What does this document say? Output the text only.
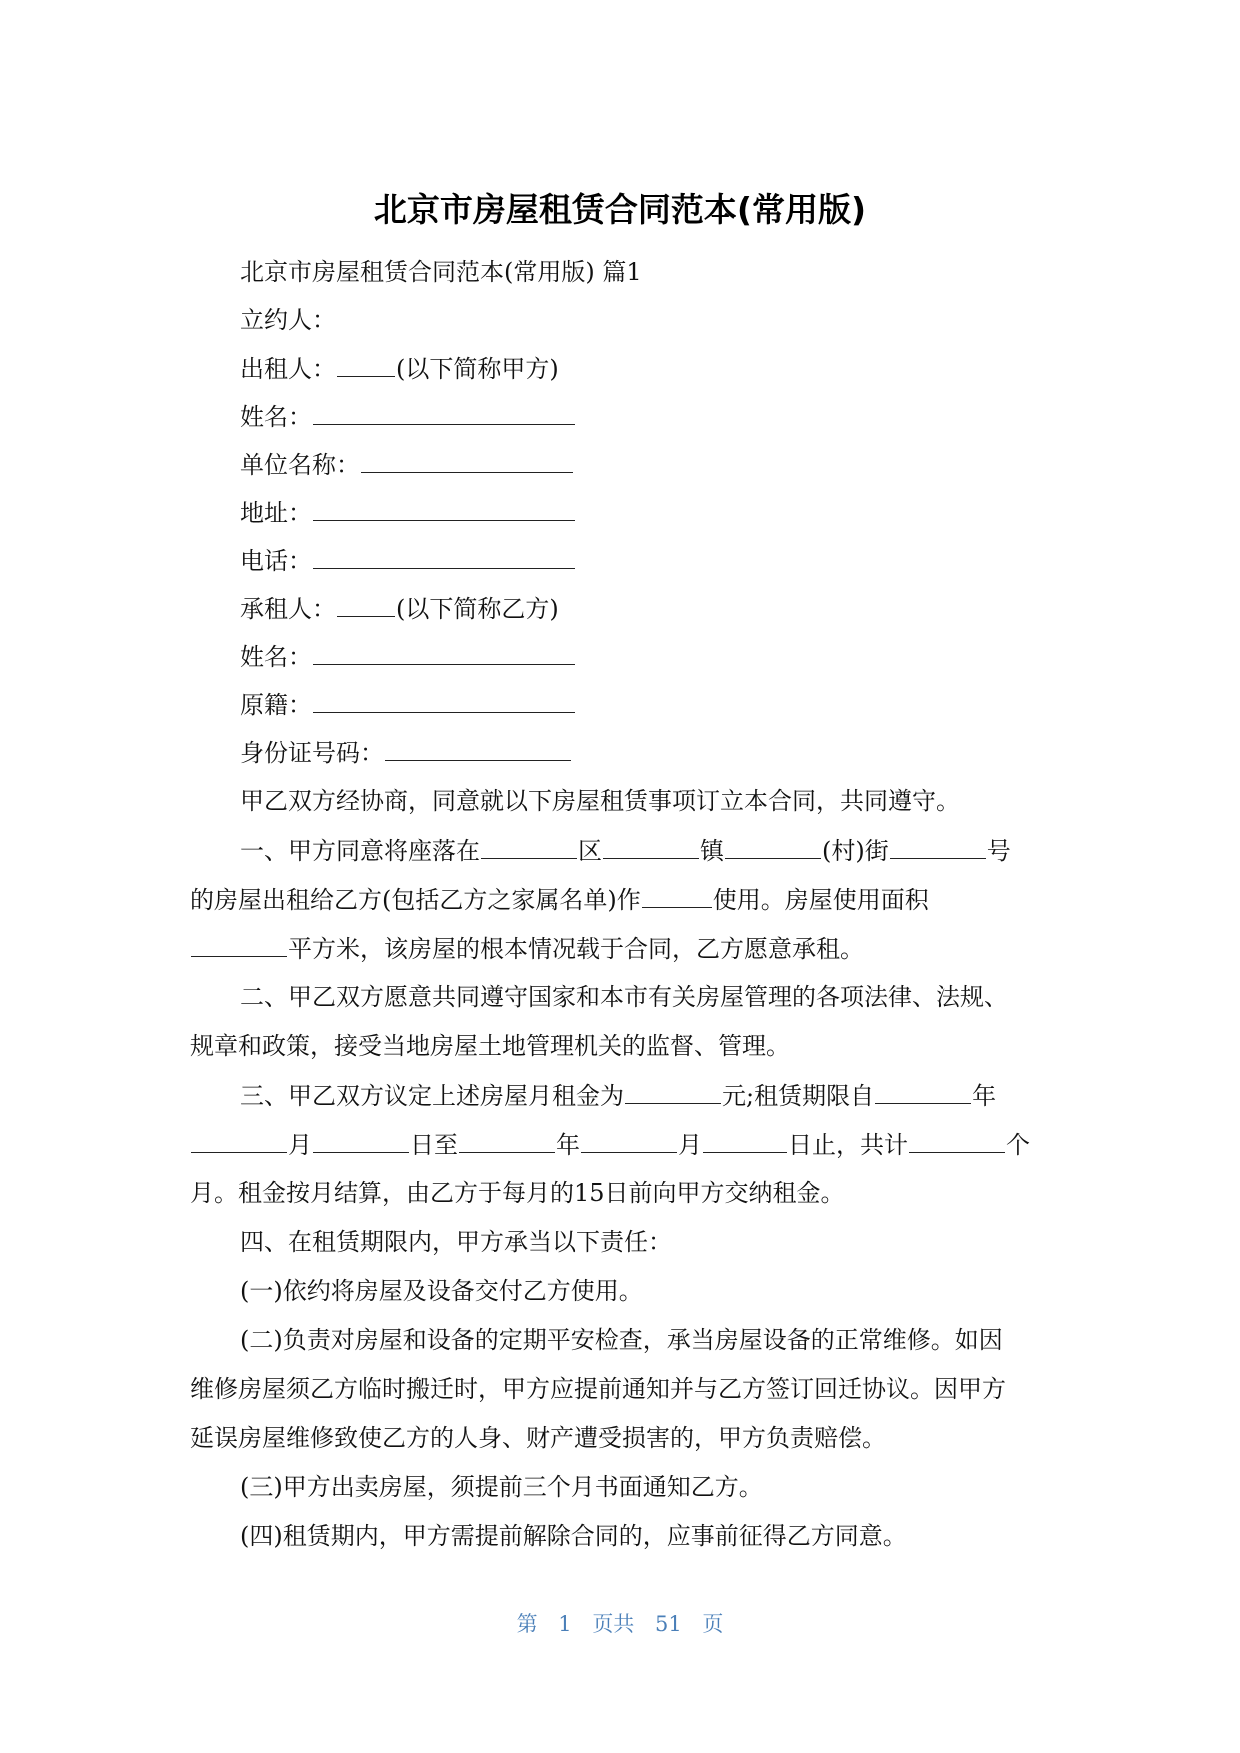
北京市房屋租赁合同范本(常用版)
北京市房屋租赁合同范本(常用版) 篇1
立约人：
出租人：	(以下简称甲方)
姓名：
单位名称：
地址：
电话：
承租人：	(以下简称乙方)
姓名：
原籍：
身份证号码：
甲乙双方经协商，同意就以下房屋租赁事项订立本合同，共同遵守。
一、甲方同意将座落在	区	镇	(村)街	号
的房屋出租给乙方(包括乙方之家属名单)作	使用。房屋使用面积
平方米，该房屋的根本情况载于合同，乙方愿意承租。
二、甲乙双方愿意共同遵守国家和本市有关房屋管理的各项法律、法规、
规章和政策，接受当地房屋土地管理机关的监督、管理。
三、甲乙双方议定上述房屋月租金为	元;租赁期限自	年
月	日至	年	月	日止，共计	个
月。租金按月结算，由乙方于每月的15日前向甲方交纳租金。
四、在租赁期限内，甲方承当以下责任：
(一)依约将房屋及设备交付乙方使用。
(二)负责对房屋和设备的定期平安检查，承当房屋设备的正常维修。如因
维修房屋须乙方临时搬迁时，甲方应提前通知并与乙方签订回迁协议。因甲方
延误房屋维修致使乙方的人身、财产遭受损害的，甲方负责赔偿。
(三)甲方出卖房屋，须提前三个月书面通知乙方。
(四)租赁期内，甲方需提前解除合同的，应事前征得乙方同意。
第 1 页共 51 页
